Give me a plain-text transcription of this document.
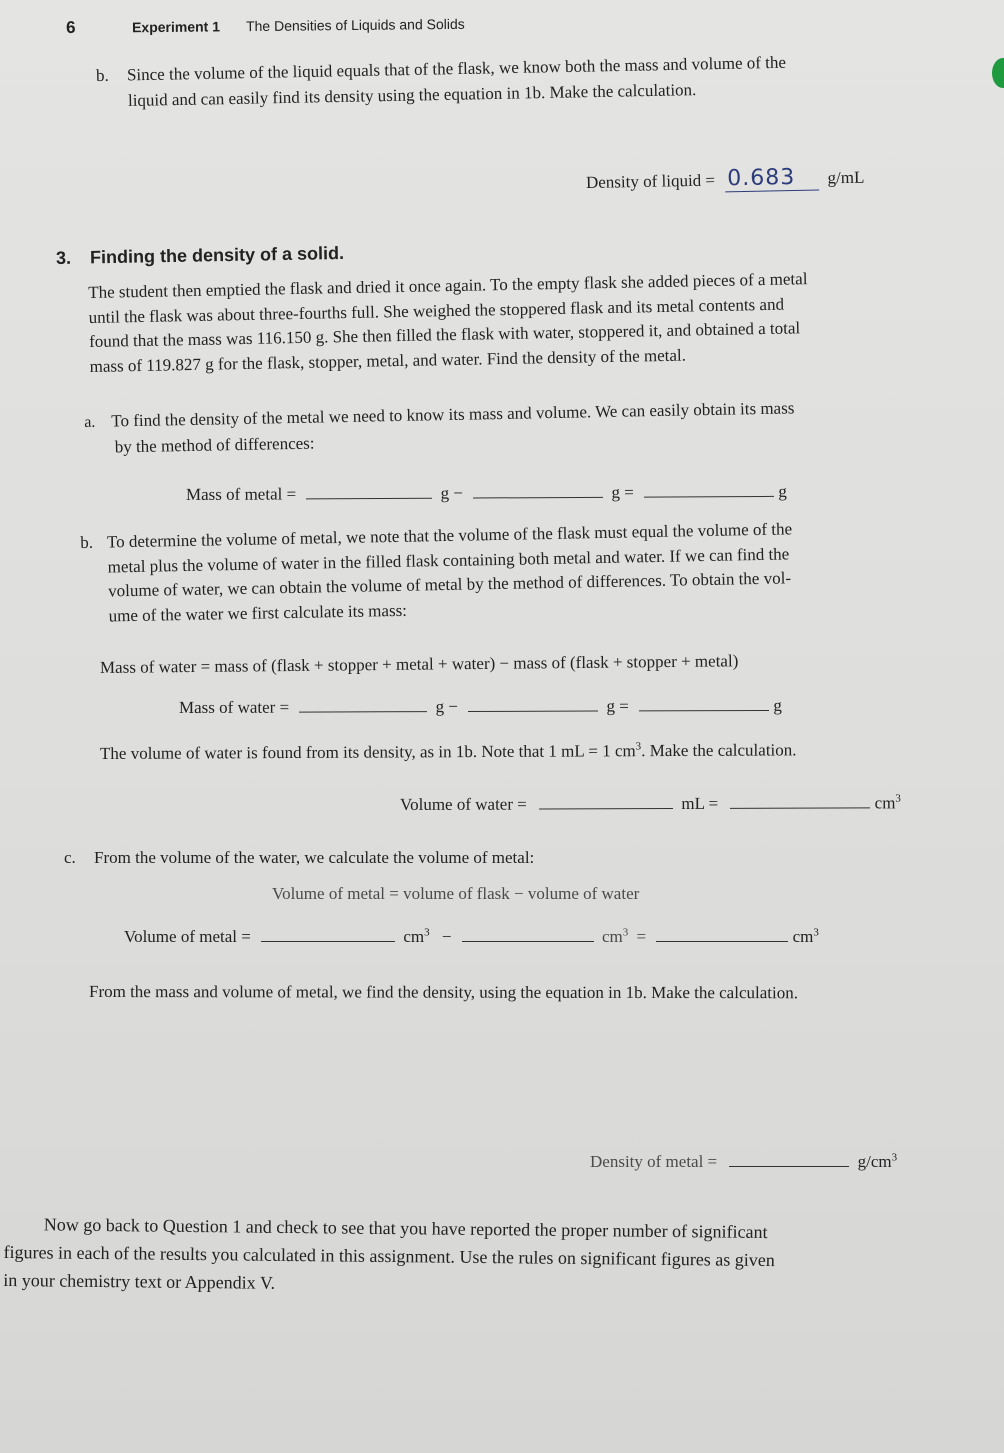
6	Experiment 1 The Densities of Liquids and Solids
b. Since the volume of the liquid equals that of the flask, we know both the mass and volume of the
liquid and can easily find its density using the equation in 1b. Make the calculation.
Density of liquid = 0.683 g/mL
3. Finding the density of a solid.
The student then emptied the flask and dried it once again. To the empty flask she added pieces of a metal
until the flask was about three-fourths full. She weighed the stoppered flask and its metal contents and
found that the mass was 116.150 g. She then filled the flask with water, stoppered it, and obtained a total
mass of 119.827 g for the flask, stopper, metal, and water. Find the density of the metal.
a. To find the density of the metal we need to know its mass and volume. We can easily obtain its mass
by the method of differences:
Mass of metal =	g −	g =	g
b. To determine the volume of metal, we note that the volume of the flask must equal the volume of the
metal plus the volume of water in the filled flask containing both metal and water. If we can find the
volume of water, we can obtain the volume of metal by the method of differences. To obtain the vol-
ume of the water we first calculate its mass:
Mass of water = mass of (flask + stopper + metal + water) − mass of (flask + stopper + metal)
Mass of water =	g −	g =	g
The volume of water is found from its density, as in 1b. Note that 1 mL = 1 $cm^3$. Make the calculation.
Volume of water =	mL =	$cm^3$
c. From the volume of the water, we calculate the volume of metal:
Volume of metal = volume of flask − volume of water
Volume of metal =	$cm^3$ −	$cm^3$ =	$cm^3$
From the mass and volume of metal, we find the density, using the equation in 1b. Make the calculation.
Density of metal =	$g/cm^3$
Now go back to Question 1 and check to see that you have reported the proper number of significant
figures in each of the results you calculated in this assignment. Use the rules on significant figures as given
in your chemistry text or Appendix V.
